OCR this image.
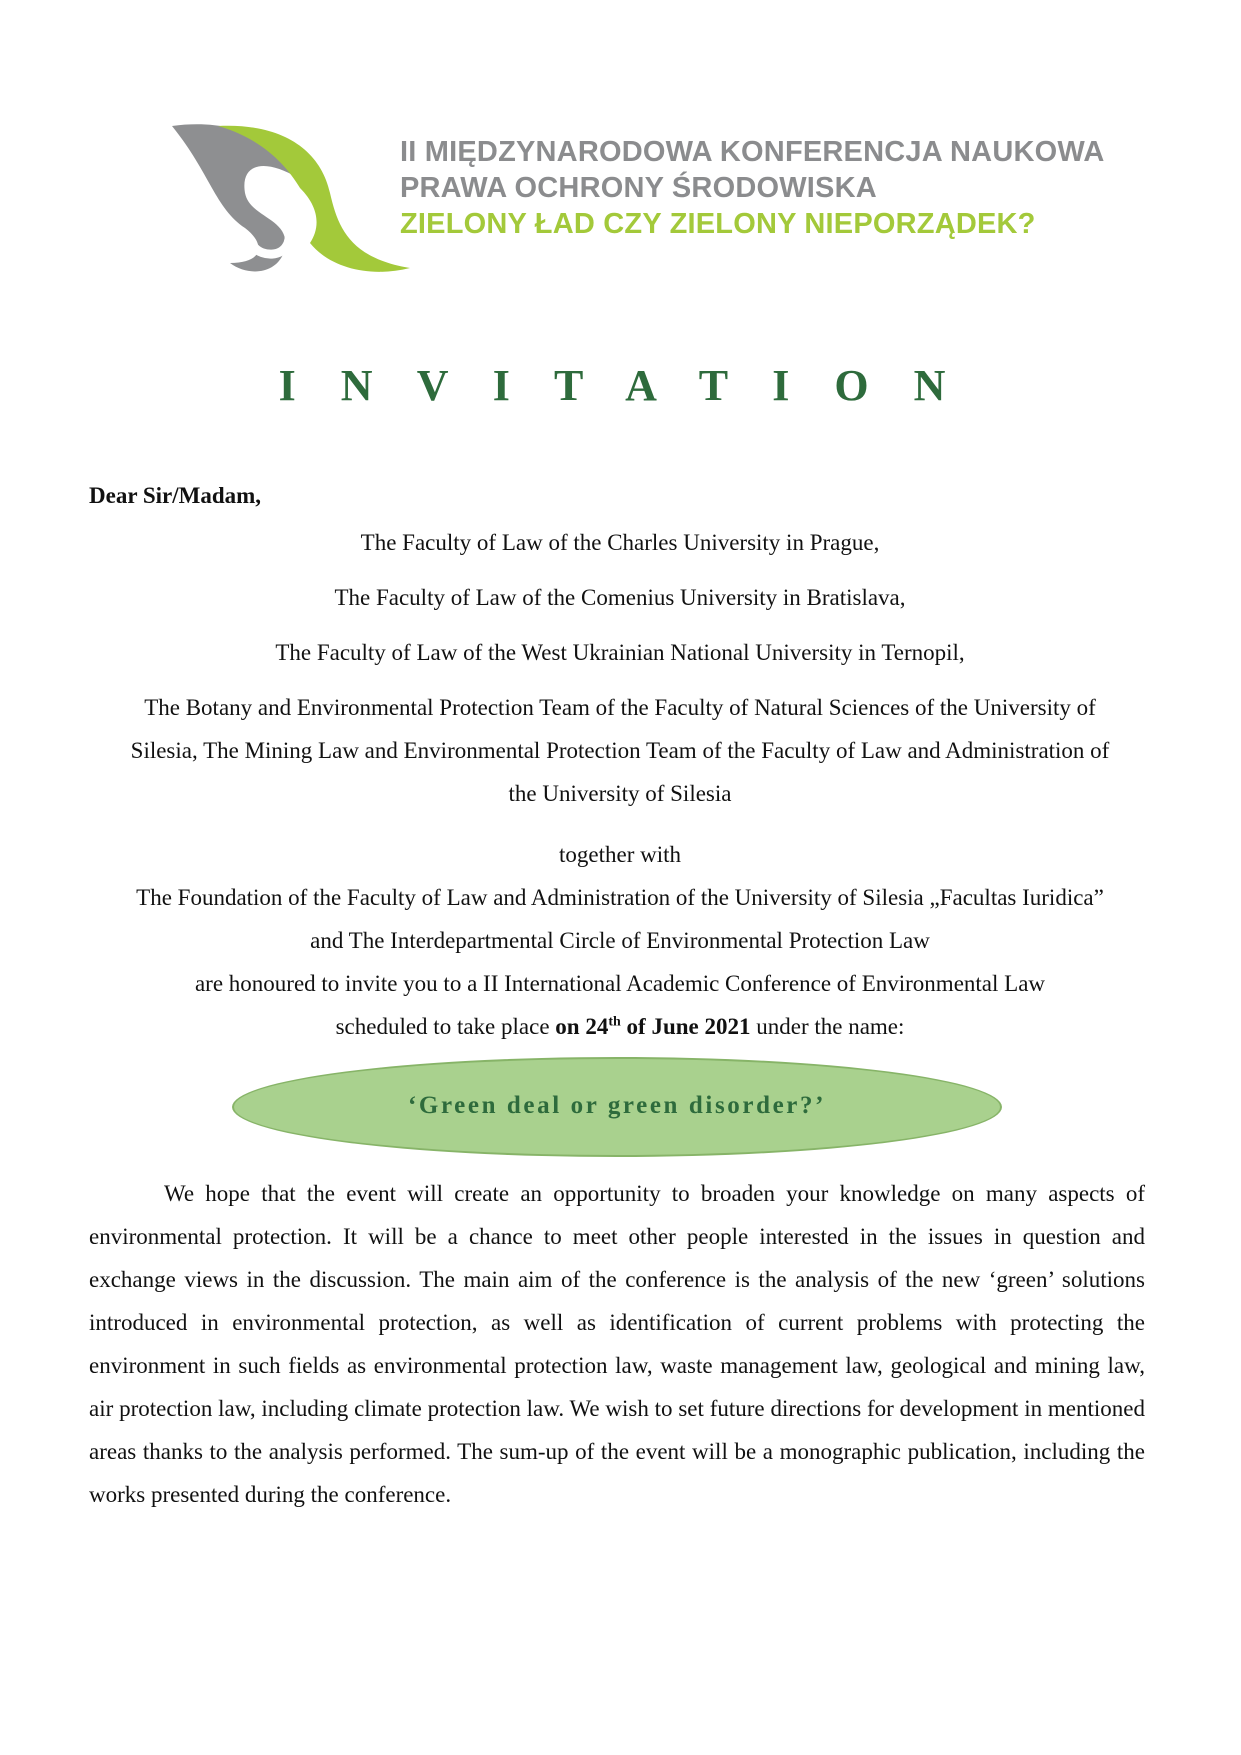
II MIĘDZYNARODOWA KONFERENCJA NAUKOWA
PRAWA OCHRONY ŚRODOWISKA
ZIELONY ŁAD CZY ZIELONY NIEPORZĄDEK?
I N V I T A T I O N
Dear Sir/Madam,
The Faculty of Law of the Charles University in Prague,
The Faculty of Law of the Comenius University in Bratislava,
The Faculty of Law of the West Ukrainian National University in Ternopil,
The Botany and Environmental Protection Team of the Faculty of Natural Sciences of the University of
Silesia, The Mining Law and Environmental Protection Team of the Faculty of Law and Administration of
the University of Silesia
together with
The Foundation of the Faculty of Law and Administration of the University of Silesia „Facultas Iuridica”
and The Interdepartmental Circle of Environmental Protection Law
are honoured to invite you to a II International Academic Conference of Environmental Law
scheduled to take place on 24th of June 2021 under the name:
‘Green deal or green disorder?’
We hope that the event will create an opportunity to broaden your knowledge on many aspects of environmental protection. It will be a chance to meet other people interested in the issues in question and exchange views in the discussion. The main aim of the conference is the analysis of the new ‘green’ solutions introduced in environmental protection, as well as identification of current problems with protecting the environment in such fields as environmental protection law, waste management law, geological and mining law, air protection law, including climate protection law. We wish to set future directions for development in mentioned areas thanks to the analysis performed. The sum-up of the event will be a monographic publication, including the works presented during the conference.
